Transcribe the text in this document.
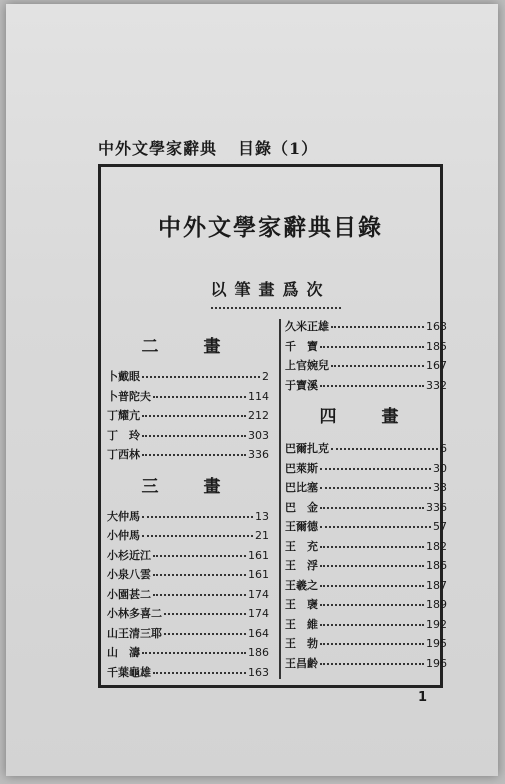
中外文學家辭典 目錄（1）
中外文學家辭典目錄
以筆畫爲次
二　畫
卜戴眼	2
卜普陀夫	114
丁耀亢	212
丁　玲	303
丁西林	336
三　畫
大仲馬	13
小仲馬	21
小杉近江	161
小泉八雲	161
小園甚二	174
小林多喜二	174
山王清三耶	164
山　濤	186
千葉龜雄	163
久米正雄	163
千　寶	185
上官婉兒	167
于寶溪	332
四　畫
巴爾扎克	6
巴萊斯	30
巴比塞	33
巴　金	336
王爾德	57
王　充	182
王　浮	186
王羲之	187
王　襃	189
王　維	192
王　勃	195
王昌齡	196
1
